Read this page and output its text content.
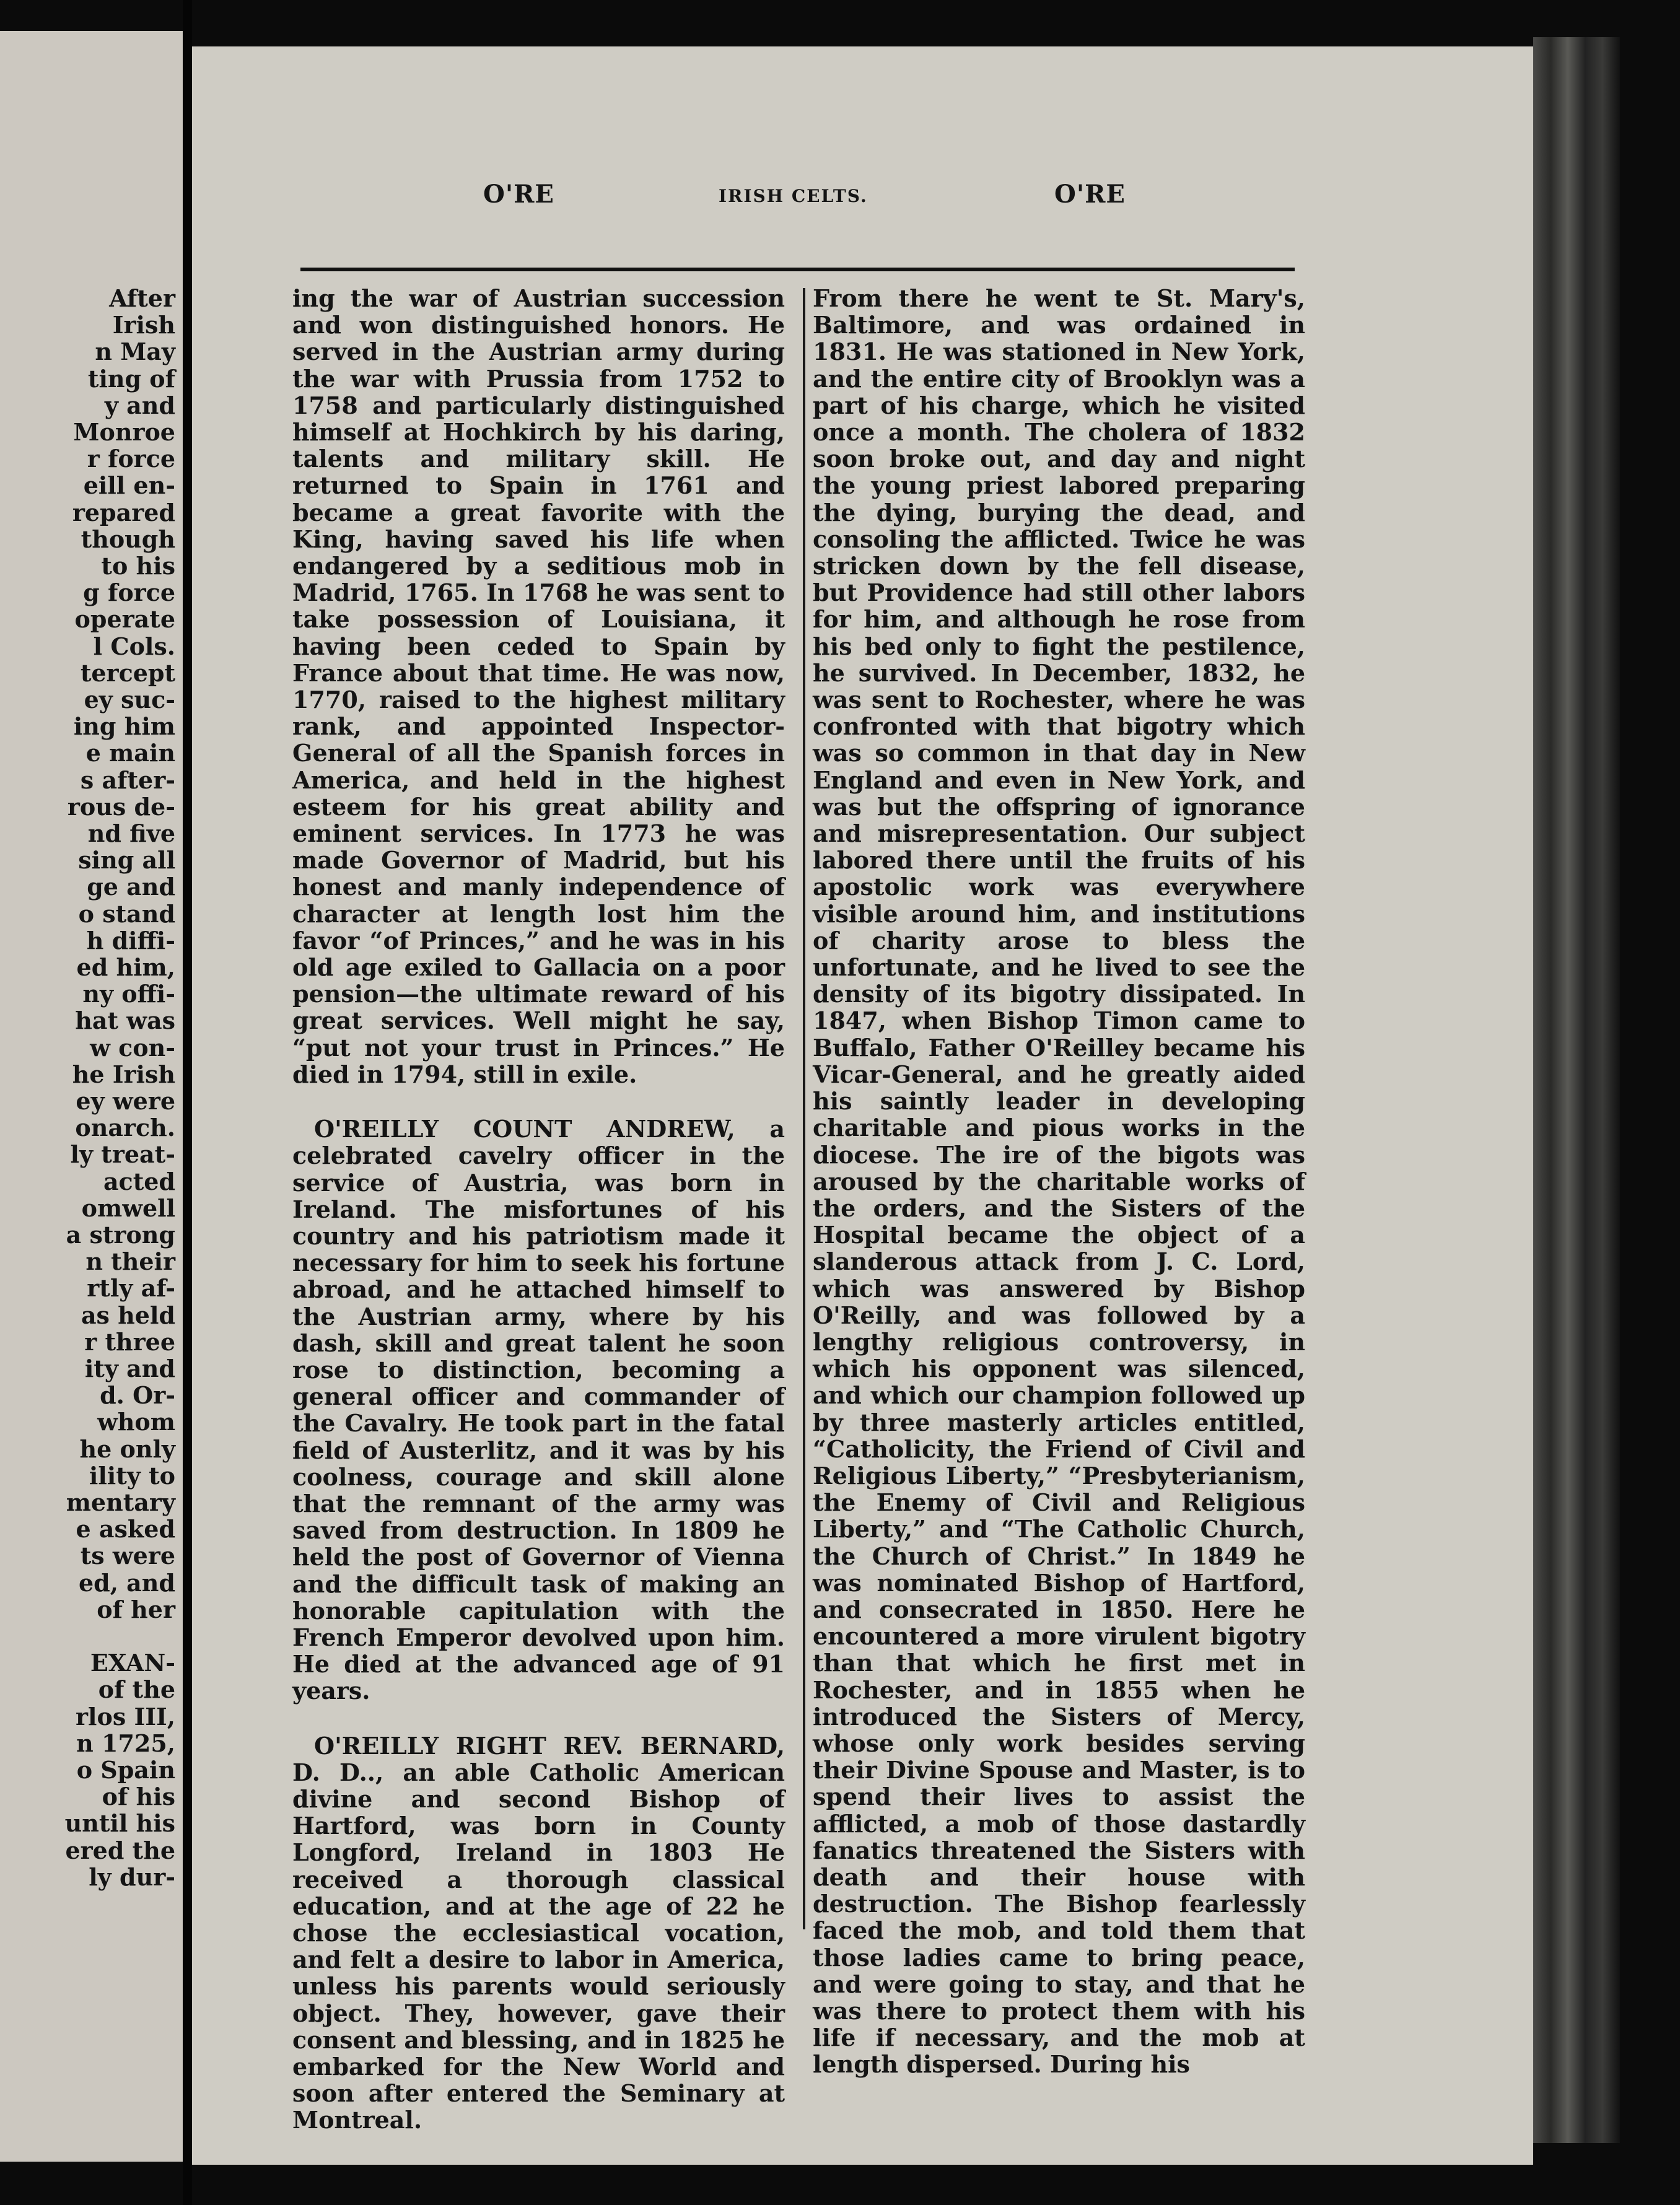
After
Irish
n May
ting of
y and
Monroe
r force
eill en-
repared
though
to his
g force
operate
l Cols.
tercept
ey suc-
ing him
e main
s after-
rous de-
nd five
sing all
ge and
o stand
h diffi-
ed him,
ny offi-
hat was
w con-
he Irish
ey were
onarch.
ly treat-
acted
omwell
a strong
n their
rtly af-
as held
r three
ity and
d. Or-
whom
he only
ility to
mentary
e asked
ts were
ed, and
of her
EXAN-
of the
rlos III,
n 1725,
o Spain
of his
until his
ered the
ly dur-
O'RE	IRISH CELTS.	O'RE

ing the war of Austrian succession and won distinguished honors. He served in the Austrian army during the war with Prussia from 1752 to 1758 and particularly distinguished himself at Hochkirch by his daring, talents and military skill. He returned to Spain in 1761 and became a great favorite with the King, having saved his life when endangered by a seditious mob in Madrid, 1765. In 1768 he was sent to take possession of Louisiana, it having been ceded to Spain by France about that time. He was now, 1770, raised to the highest military rank, and appointed Inspector-General of all the Spanish forces in America, and held in the highest esteem for his great ability and eminent services. In 1773 he was made Governor of Madrid, but his honest and manly independence of character at length lost him the favor “of Princes,” and he was in his old age exiled to Gallacia on a poor pension—the ultimate reward of his great services. Well might he say, “put not your trust in Princes.” He died in 1794, still in exile.

O'REILLY COUNT ANDREW, a celebrated cavelry officer in the service of Austria, was born in Ireland. The misfortunes of his country and his patriotism made it necessary for him to seek his fortune abroad, and he attached himself to the Austrian army, where by his dash, skill and great talent he soon rose to distinction, becoming a general officer and commander of the Cavalry. He took part in the fatal field of Austerlitz, and it was by his coolness, courage and skill alone that the remnant of the army was saved from destruction. In 1809 he held the post of Governor of Vienna and the difficult task of making an honorable capitulation with the French Emperor devolved upon him. He died at the advanced age of 91 years.

O'REILLY RIGHT REV. BERNARD, D. D.., an able Catholic American divine and second Bishop of Hartford, was born in County Longford, Ireland in 1803 He received a thorough classical education, and at the age of 22 he chose the ecclesiastical vocation, and felt a desire to labor in America, unless his parents would seriously object. They, however, gave their consent and blessing, and in 1825 he embarked for the New World and soon after entered the Seminary at Montreal.

From there he went te St. Mary's, Baltimore, and was ordained in 1831. He was stationed in New York, and the entire city of Brooklyn was a part of his charge, which he visited once a month. The cholera of 1832 soon broke out, and day and night the young priest labored preparing the dying, burying the dead, and consoling the afflicted. Twice he was stricken down by the fell disease, but Providence had still other labors for him, and although he rose from his bed only to fight the pestilence, he survived. In December, 1832, he was sent to Rochester, where he was confronted with that bigotry which was so common in that day in New England and even in New York, and was but the offspring of ignorance and misrepresentation. Our subject labored there until the fruits of his apostolic work was everywhere visible around him, and institutions of charity arose to bless the unfortunate, and he lived to see the density of its bigotry dissipated. In 1847, when Bishop Timon came to Buffalo, Father O'Reilley became his Vicar-General, and he greatly aided his saintly leader in developing charitable and pious works in the diocese. The ire of the bigots was aroused by the charitable works of the orders, and the Sisters of the Hospital became the object of a slanderous attack from J. C. Lord, which was answered by Bishop O'Reilly, and was followed by a lengthy religious controversy, in which his opponent was silenced, and which our champion followed up by three masterly articles entitled, “Catholicity, the Friend of Civil and Religious Liberty,” “Presbyterianism, the Enemy of Civil and Religious Liberty,” and “The Catholic Church, the Church of Christ.” In 1849 he was nominated Bishop of Hartford, and consecrated in 1850. Here he encountered a more virulent bigotry than that which he first met in Rochester, and in 1855 when he introduced the Sisters of Mercy, whose only work besides serving their Divine Spouse and Master, is to spend their lives to assist the afflicted, a mob of those dastardly fanatics threatened the Sisters with death and their house with destruction. The Bishop fearlessly faced the mob, and told them that those ladies came to bring peace, and were going to stay, and that he was there to protect them with his life if necessary, and the mob at length dispersed. During his
